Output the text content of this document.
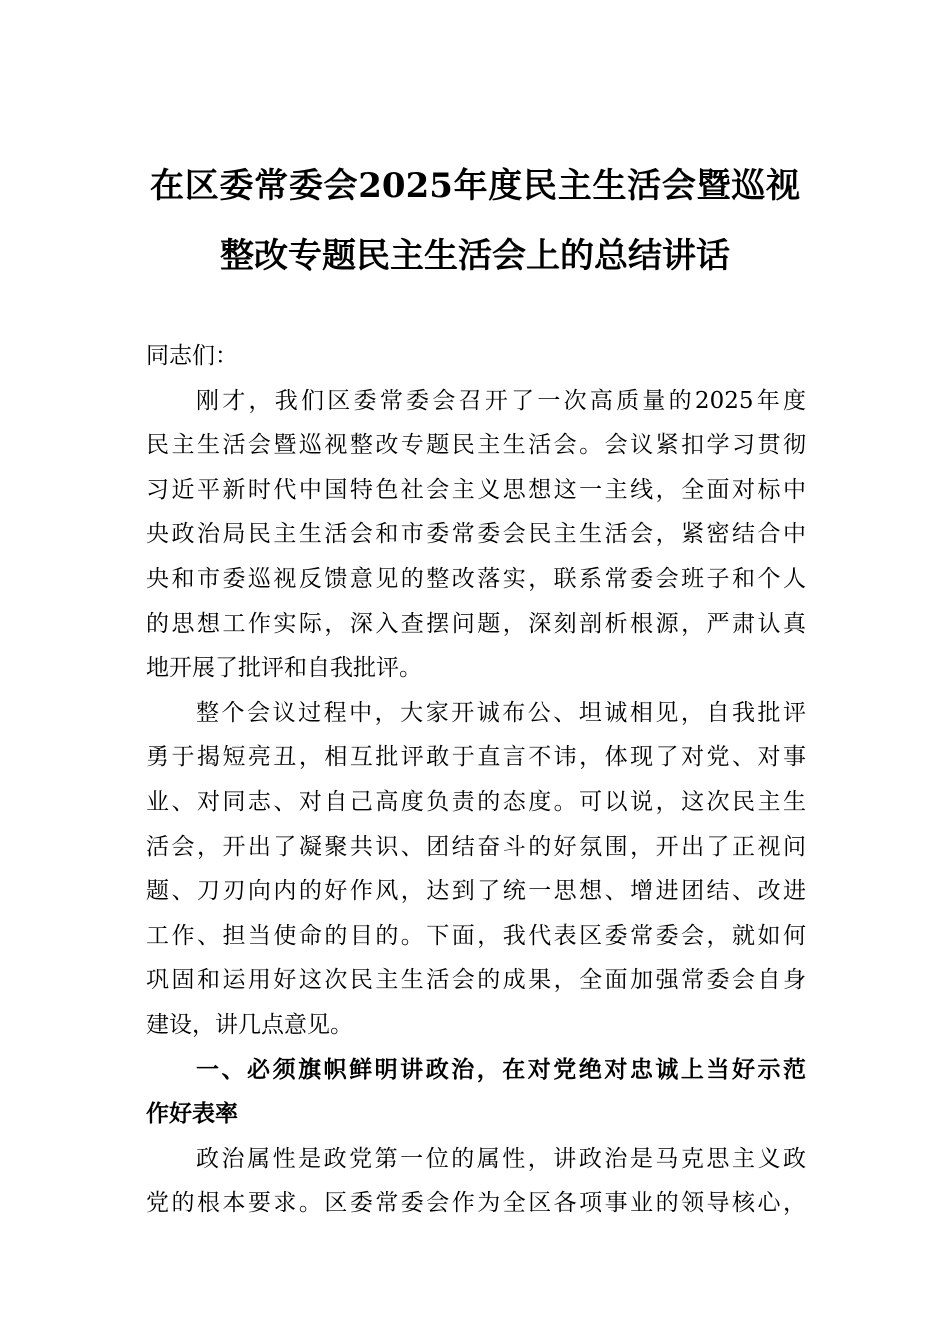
在区委常委会2025年度民主生活会暨巡视
整改专题民主生活会上的总结讲话
同志们：
刚才，我们区委常委会召开了一次高质量的2025年度
民主生活会暨巡视整改专题民主生活会。会议紧扣学习贯彻
习近平新时代中国特色社会主义思想这一主线，全面对标中
央政治局民主生活会和市委常委会民主生活会，紧密结合中
央和市委巡视反馈意见的整改落实，联系常委会班子和个人
的思想工作实际，深入查摆问题，深刻剖析根源，严肃认真
地开展了批评和自我批评。
整个会议过程中，大家开诚布公、坦诚相见，自我批评
勇于揭短亮丑，相互批评敢于直言不讳，体现了对党、对事
业、对同志、对自己高度负责的态度。可以说，这次民主生
活会，开出了凝聚共识、团结奋斗的好氛围，开出了正视问
题、刀刃向内的好作风，达到了统一思想、增进团结、改进
工作、担当使命的目的。下面，我代表区委常委会，就如何
巩固和运用好这次民主生活会的成果，全面加强常委会自身
建设，讲几点意见。
一、必须旗帜鲜明讲政治，在对党绝对忠诚上当好示范
作好表率
政治属性是政党第一位的属性，讲政治是马克思主义政
党的根本要求。区委常委会作为全区各项事业的领导核心，
